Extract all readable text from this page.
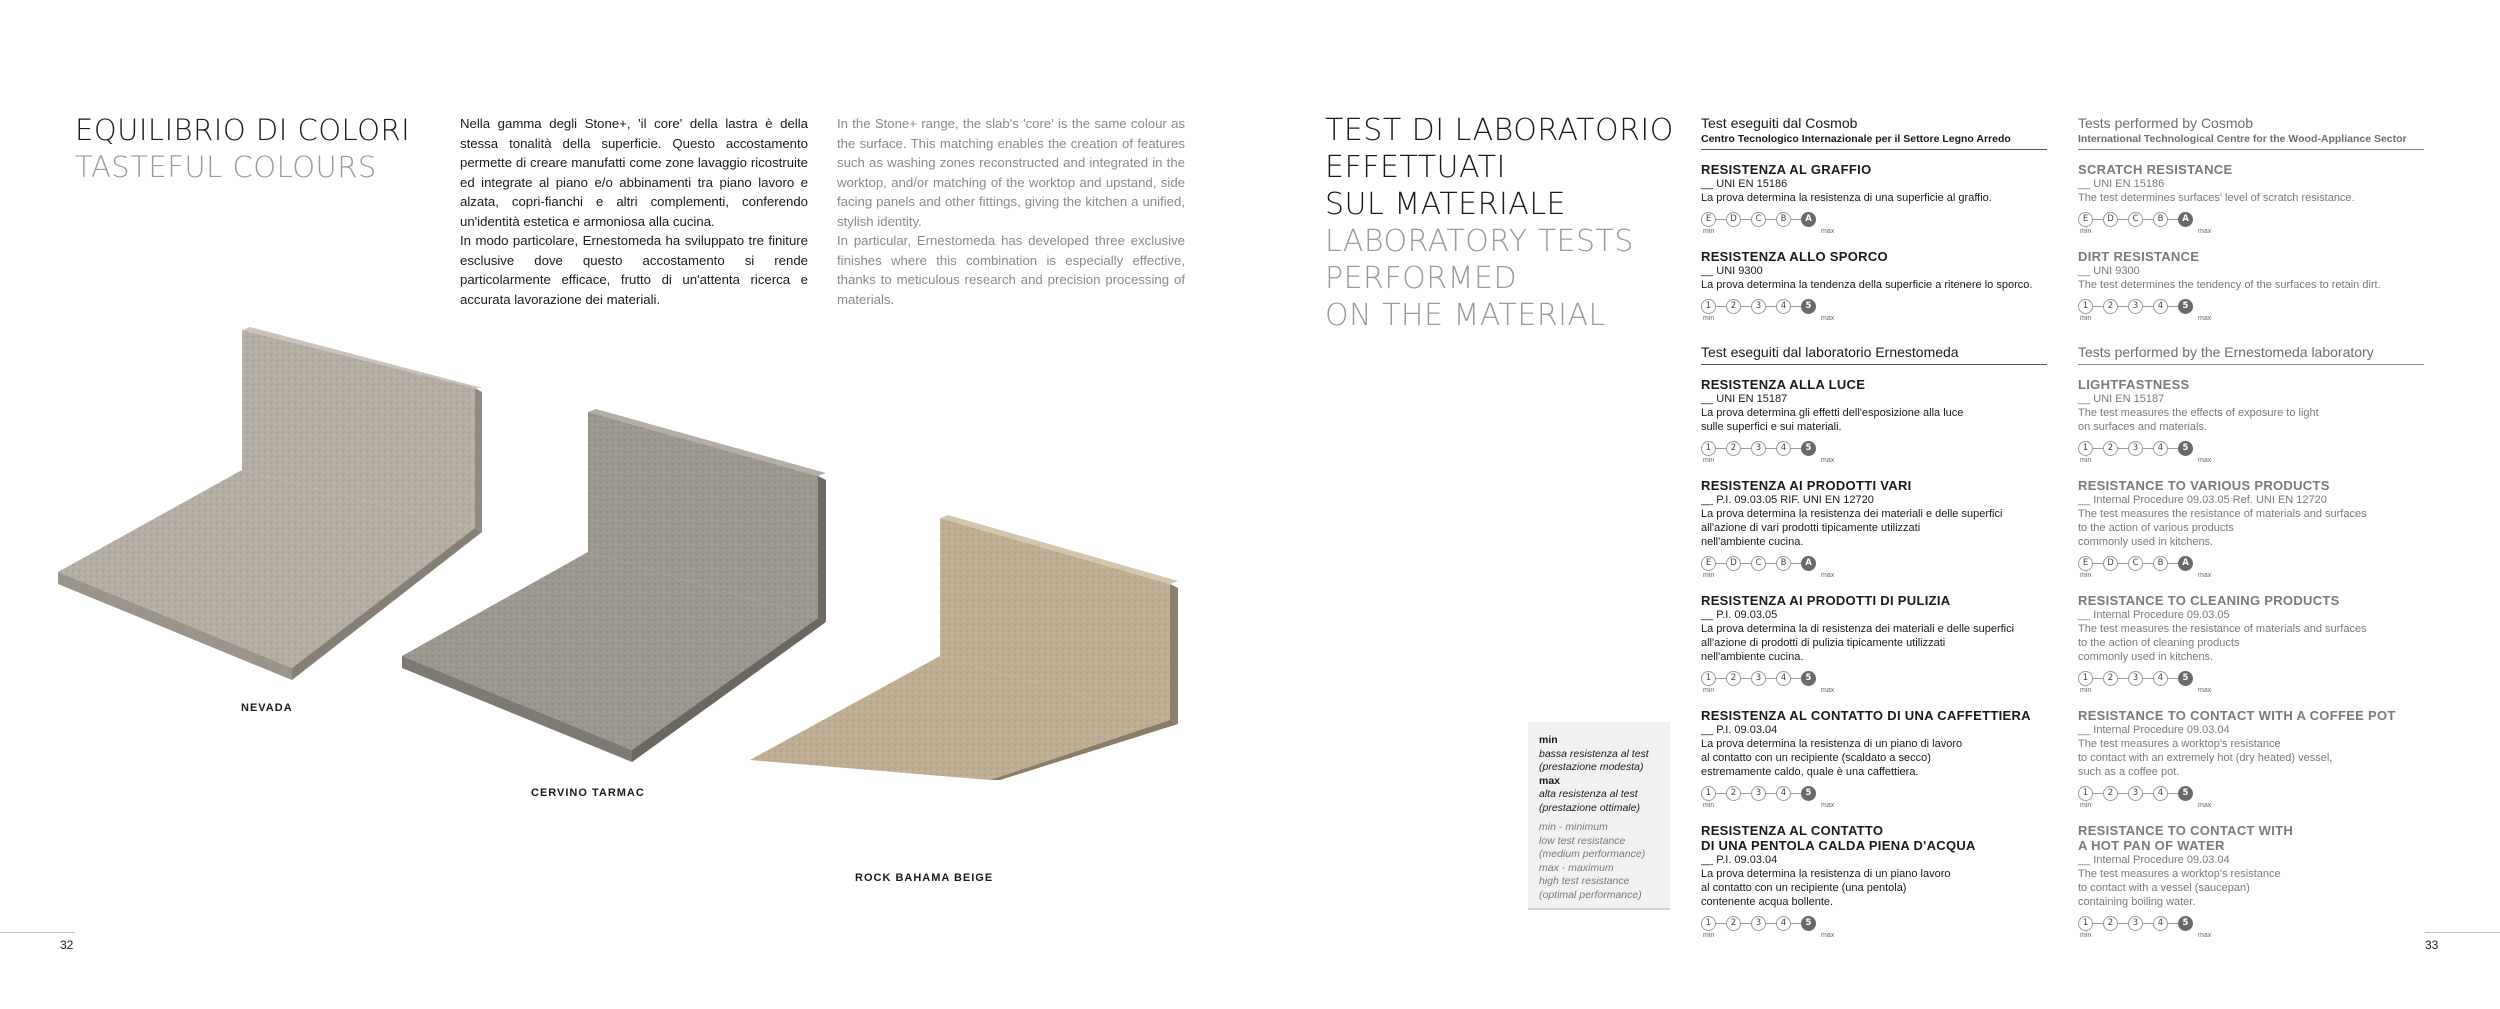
EQUILIBRIO DI COLORI
TASTEFUL COLOURS

Nella gamma degli Stone+, 'il core' della lastra è della stessa tonalità della superficie. Questo accostamento permette di creare manufatti come zone lavaggio ricostruite ed integrate al piano e/o abbinamenti tra piano lavoro e alzata, copri-fianchi e altri complementi, conferendo un'identità estetica e armoniosa alla cucina.

In modo particolare, Ernestomeda ha sviluppato tre finiture esclusive dove questo accostamento si rende particolarmente efficace, frutto di un'attenta ricerca e accurata lavorazione dei materiali.

In the Stone+ range, the slab's 'core' is the same colour as the surface. This matching enables the creation of features such as washing zones reconstructed and integrated in the worktop, and/or matching of the worktop and upstand, side facing panels and other fittings, giving the kitchen a unified, stylish identity.

In particular, Ernestomeda has developed three exclusive finishes where this combination is especially effective, thanks to meticulous research and precision processing of materials.

NEVADA
CERVINO TARMAC
ROCK BAHAMA BEIGE
32
TEST DI LABORATORIO
EFFETTUATI
SUL MATERIALE
LABORATORY TESTS
PERFORMED
ON THE MATERIAL
min
bassa resistenza al test
(prestazione modesta)
max
alta resistenza al test
(prestazione ottimale)
min - minimum
low test resistance
(medium performance)
max - maximum
high test resistance
(optimal performance)
Test eseguiti dal Cosmob
Centro Tecnologico Internazionale per il Settore Legno Arredo
RESISTENZA AL GRAFFIO
__ UNI EN 15186
La prova determina la resistenza di una superficie al graffio.
E	D	C	B	A
min	max
RESISTENZA ALLO SPORCO
__ UNI 9300
La prova determina la tendenza della superficie a ritenere lo sporco.
1	2	3	4	5
min	max
Tests performed by Cosmob
International Technological Centre for the Wood-Appliance Sector
SCRATCH RESISTANCE
__ UNI EN 15186
The test determines surfaces' level of scratch resistance.
E	D	C	B	A
min	max
DIRT RESISTANCE
__ UNI 9300
The test determines the tendency of the surfaces to retain dirt.
1	2	3	4	5
min	max
Test eseguiti dal laboratorio Ernestomeda
RESISTENZA ALLA LUCE
__ UNI EN 15187
La prova determina gli effetti dell'esposizione alla luce
sulle superfici e sui materiali.
1	2	3	4	5
min	max
RESISTENZA AI PRODOTTI VARI
__ P.I. 09.03.05 RIF. UNI EN 12720
La prova determina la resistenza dei materiali e delle superfici
all'azione di vari prodotti tipicamente utilizzati
nell'ambiente cucina.
E	D	C	B	A
min	max
RESISTENZA AI PRODOTTI DI PULIZIA
__ P.I. 09.03.05
La prova determina la di resistenza dei materiali e delle superfici
all'azione di prodotti di pulizia tipicamente utilizzati
nell'ambiente cucina.
1	2	3	4	5
min	max
RESISTENZA AL CONTATTO DI UNA CAFFETTIERA
__ P.I. 09.03.04
La prova determina la resistenza di un piano di lavoro
al contatto con un recipiente (scaldato a secco)
estremamente caldo, quale è una caffettiera.
1	2	3	4	5
min	max
RESISTENZA AL CONTATTO
DI UNA PENTOLA CALDA PIENA D'ACQUA
__ P.I. 09.03.04
La prova determina la resistenza di un piano lavoro
al contatto con un recipiente (una pentola)
contenente acqua bollente.
1	2	3	4	5
min	max
Tests performed by the Ernestomeda laboratory
LIGHTFASTNESS
__ UNI EN 15187
The test measures the effects of exposure to light
on surfaces and materials.
1	2	3	4	5
min	max
RESISTANCE TO VARIOUS PRODUCTS
__ Internal Procedure 09.03.05 Ref. UNI EN 12720
The test measures the resistance of materials and surfaces
to the action of various products
commonly used in kitchens.
E	D	C	B	A
min	max
RESISTANCE TO CLEANING PRODUCTS
__ Internal Procedure 09.03.05
The test measures the resistance of materials and surfaces
to the action of cleaning products
commonly used in kitchens.
1	2	3	4	5
min	max
RESISTANCE TO CONTACT WITH A COFFEE POT
__ Internal Procedure 09.03.04
The test measures a worktop's resistance
to contact with an extremely hot (dry heated) vessel,
such as a coffee pot.
1	2	3	4	5
min	max
RESISTANCE TO CONTACT WITH
A HOT PAN OF WATER
__ Internal Procedure 09.03.04
The test measures a worktop's resistance
to contact with a vessel (saucepan)
containing boiling water.
1	2	3	4	5
min	max
33
